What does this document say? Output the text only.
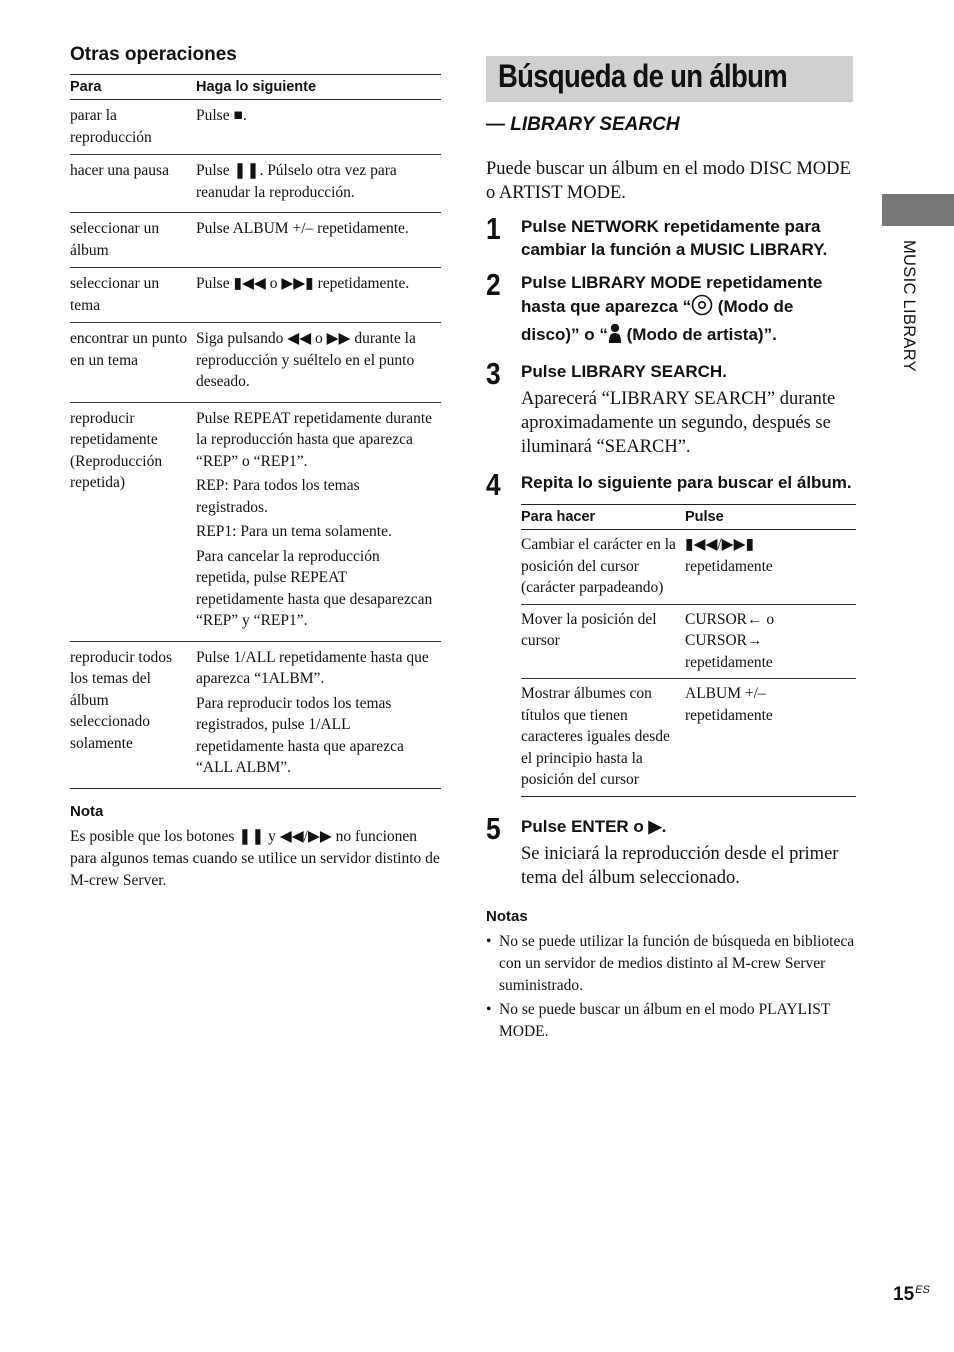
Otras operaciones
Para	Haga lo siguiente
parar la reproducción	Pulse ■.

hacer una pausa	Pulse ❚❚. Púlselo otra vez para reanudar la reproducción.

seleccionar un álbum	Pulse ALBUM +/– repetidamente.

seleccionar un tema	Pulse ▮◀◀ o ▶▶▮ repetidamente.

encontrar un punto en un tema	Siga pulsando ◀◀ o ▶▶ durante la reproducción y suéltelo en el punto deseado.

reproducir repetidamente (Reproducción repetida)	Pulse REPEAT repetidamente durante la reproducción hasta que aparezca “REP” o “REP1”.

REP: Para todos los temas registrados.

REP1: Para un tema solamente.

Para cancelar la reproducción repetida, pulse REPEAT repetidamente hasta que desaparezcan “REP” y “REP1”.

reproducir todos los temas del álbum seleccionado solamente	Pulse 1/ALL repetidamente hasta que aparezca “1ALBM”.

Para reproducir todos los temas registrados, pulse 1/ALL repetidamente hasta que aparezca “ALL ALBM”.

Nota

Es posible que los botones ❚❚ y ◀◀/▶▶ no funcionen para algunos temas cuando se utilice un servidor distinto de M-crew Server.

Búsqueda de un álbum
— LIBRARY SEARCH

Puede buscar un álbum en el modo DISC MODE o ARTIST MODE.

1 Pulse NETWORK repetidamente para cambiar la función a MUSIC LIBRARY.

2 Pulse LIBRARY MODE repetidamente hasta que aparezca “ (Modo de disco)” o “ (Modo de artista)”.

3 Pulse LIBRARY SEARCH.

Aparecerá “LIBRARY SEARCH” durante aproximadamente un segundo, después se iluminará “SEARCH”.

4 Repita lo siguiente para buscar el álbum.

Para hacer	Pulse
Cambiar el carácter en la posición del cursor (carácter parpadeando)	▮◀◀/▶▶▮
repetidamente

Mover la posición del cursor	CURSOR← o
CURSOR→
repetidamente

Mostrar álbumes con títulos que tienen caracteres iguales desde el principio hasta la posición del cursor	ALBUM +/–
repetidamente
5 Pulse ENTER o ▶.

Se iniciará la reproducción desde el primer tema del álbum seleccionado.

Notas
• No se puede utilizar la función de búsqueda en biblioteca con un servidor de medios distinto al M-crew Server suministrado.
• No se puede buscar un álbum en el modo PLAYLIST MODE.
MUSIC LIBRARY
$15^{ES}$
